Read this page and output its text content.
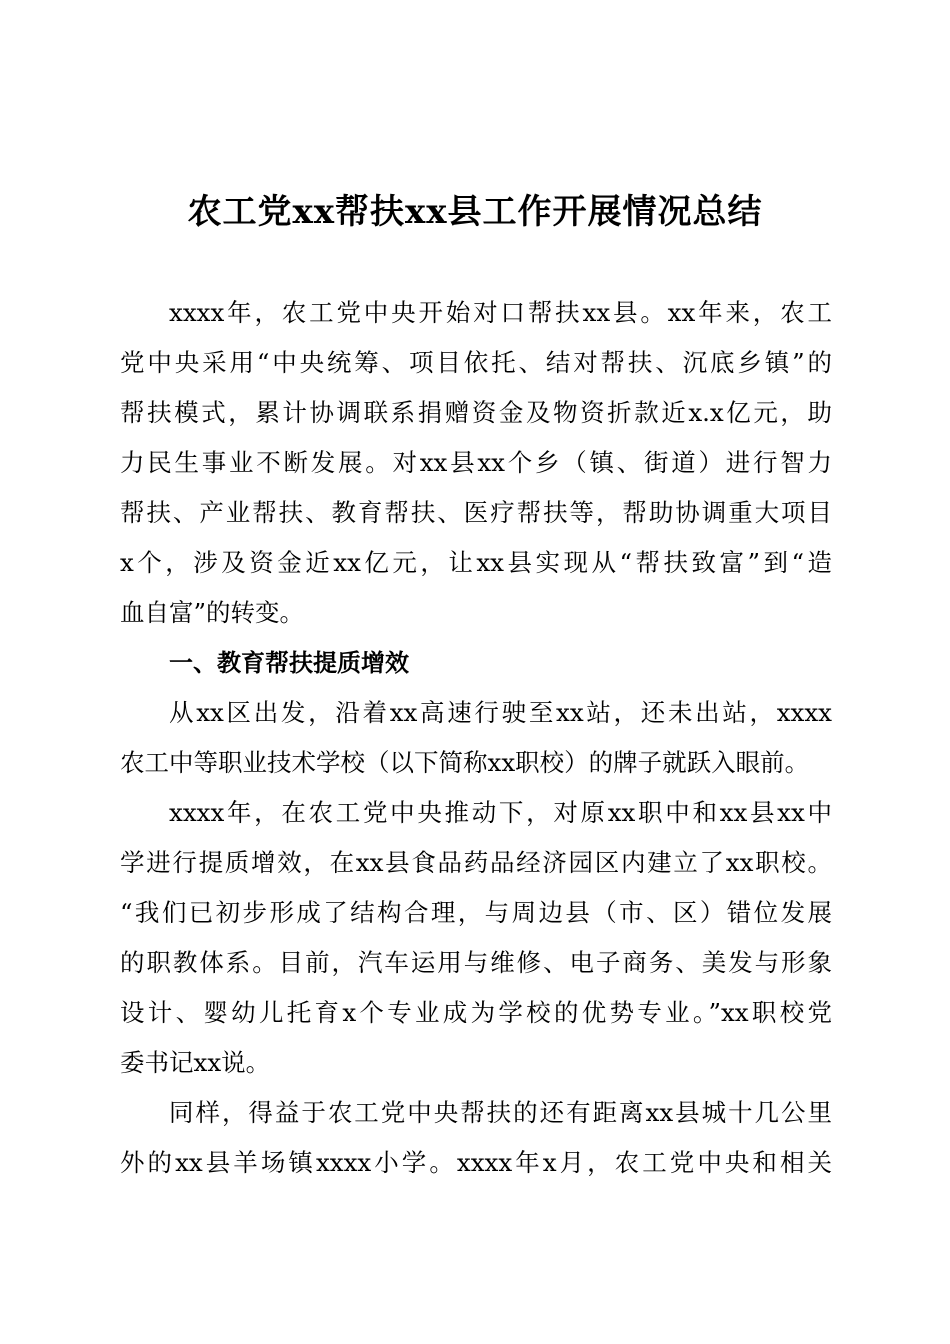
农工党xx帮扶xx县工作开展情况总结
xxxx年，农工党中央开始对口帮扶xx县。xx年来，农工
党中央采用“中央统筹、项目依托、结对帮扶、沉底乡镇”的
帮扶模式，累计协调联系捐赠资金及物资折款近x.x亿元，助
力民生事业不断发展。对xx县xx个乡（镇、街道）进行智力
帮扶、产业帮扶、教育帮扶、医疗帮扶等，帮助协调重大项目
x个，涉及资金近xx亿元，让xx县实现从“帮扶致富”到“造
血自富”的转变。
一、教育帮扶提质增效
从xx区出发，沿着xx高速行驶至xx站，还未出站，xxxx
农工中等职业技术学校（以下简称xx职校）的牌子就跃入眼前。
xxxx年，在农工党中央推动下，对原xx职中和xx县xx中
学进行提质增效，在xx县食品药品经济园区内建立了xx职校。
“我们已初步形成了结构合理，与周边县（市、区）错位发展
的职教体系。目前，汽车运用与维修、电子商务、美发与形象
设计、婴幼儿托育x个专业成为学校的优势专业。”xx职校党
委书记xx说。
同样，得益于农工党中央帮扶的还有距离xx县城十几公里
外的xx县羊场镇xxxx小学。xxxx年x月，农工党中央和相关
